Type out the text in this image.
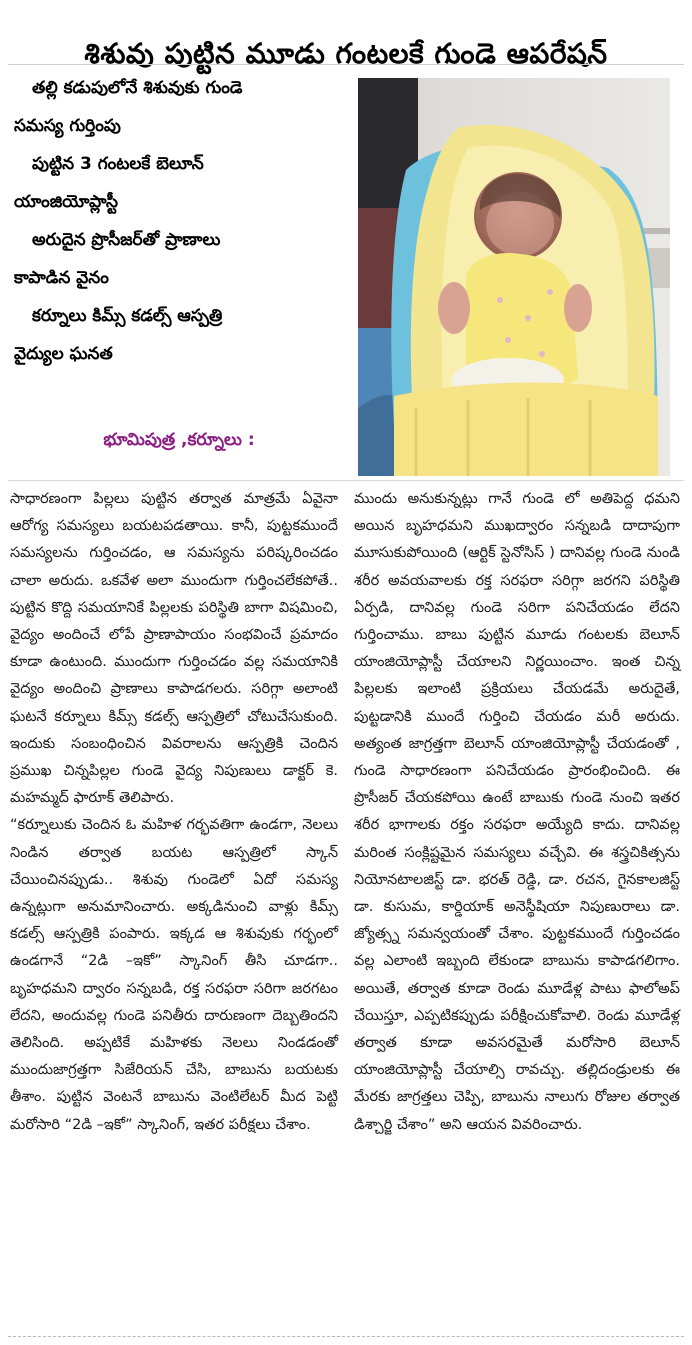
శిశువు పుట్టిన మూడు గంటలకే గుండె ఆపరేషన్
తల్లి కడుపులోనే శిశువుకు గుండె
సమస్య గుర్తింపు
పుట్టిన 3 గంటలకే బెలూన్
యాంజియోప్లాస్టీ
అరుదైన ప్రొసీజర్‌తో ప్రాణాలు
కాపాడిన వైనం
కర్నూలు కిమ్స్ కడల్స్ ఆస్పత్రి
వైద్యుల ఘనత
భూమిపుత్ర ,కర్నూలు :

సాధారణంగా పిల్లలు పుట్టిన తర్వాత మాత్రమే ఏవైనా ఆరోగ్య సమస్యలు బయటపడతాయి. కానీ, పుట్టకముందే సమస్యలను గుర్తించడం, ఆ సమస్యను పరిష్కరించడం చాలా అరుదు. ఒకవేళ అలా ముందుగా గుర్తించలేకపోతే.. పుట్టిన కొద్ది సమయానికే పిల్లలకు పరిస్థితి బాగా విషమించి, వైద్యం అందించే లోపే ప్రాణాపాయం సంభవించే ప్రమాదం కూడా ఉంటుంది. ముందుగా గుర్తించడం వల్ల సమయానికి వైద్యం అందించి ప్రాణాలు కాపాడగలరు. సరిగ్గా అలాంటి ఘటనే కర్నూలు కిమ్స్ కడల్స్ ఆస్పత్రిలో చోటుచేసుకుంది. ఇందుకు సంబంధించిన వివరాలను ఆస్పత్రికి చెందిన ప్రముఖ చిన్నపిల్లల గుండె వైద్య నిపుణులు డాక్టర్ కె. మహమ్మద్ ఫారూక్ తెలిపారు.

“కర్నూలుకు చెందిన ఓ మహిళ గర్భవతిగా ఉండగా, నెలలు నిండిన తర్వాత బయట ఆస్పత్రిలో స్కాన్ చేయించినప్పుడు.. శిశువు గుండెలో ఏదో సమస్య ఉన్నట్లుగా అనుమానించారు. అక్కడినుంచి వాళ్లు కిమ్స్ కడల్స్ ఆస్పత్రికి పంపారు. ఇక్కడ ఆ శిశువుకు గర్భంలో ఉండగానే “2డి –ఇకో” స్కానింగ్ తీసి చూడగా.. బృహధమని ద్వారం సన్నబడి, రక్త సరఫరా సరిగా జరగటం లేదని, అందువల్ల గుండె పనితీరు దారుణంగా దెబ్బతిందని తెలిసింది. అప్పటికే మహిళకు నెలలు నిండడంతో ముందుజాగ్రత్తగా సిజేరియన్ చేసి, బాబును బయటకు తీశాం. పుట్టిన వెంటనే బాబును వెంటిలేటర్ మీద పెట్టి మరోసారి “2డి –ఇకో” స్కానింగ్, ఇతర పరీక్షలు చేశాం.

ముందు అనుకున్నట్లు గానే గుండె లో అతిపెద్ద ధమని అయిన బృహధమని ముఖద్వారం సన్నబడి దాదాపుగా మూసుకుపోయింది (ఆర్టిక్ స్టెనోసిస్ ) దానివల్ల గుండె నుండి శరీర అవయవాలకు రక్త సరఫరా సరిగ్గా జరగని పరిస్థితి ఏర్పడి, దానివల్ల గుండె సరిగా పనిచేయడం లేదని గుర్తించాము. బాబు పుట్టిన మూడు గంటలకు బెలూన్ యాంజియోప్లాస్టీ చేయాలని నిర్ణయించాం. ఇంత చిన్న పిల్లలకు ఇలాంటి ప్రక్రియలు చేయడమే అరుదైతే, పుట్టడానికి ముందే గుర్తించి చేయడం మరీ అరుదు. అత్యంత జాగ్రత్తగా బెలూన్ యాంజియోప్లాస్టీ చేయడంతో , గుండె సాధారణంగా పనిచేయడం ప్రారంభించింది. ఈ ప్రొసీజర్ చేయకపోయి ఉంటే బాబుకు గుండె నుంచి ఇతర శరీర భాగాలకు రక్తం సరఫరా అయ్యేది కాదు. దానివల్ల మరింత సంక్లిష్టమైన సమస్యలు వచ్చేవి. ఈ శస్త్రచికిత్సను నియోనటాలజిస్ట్ డా. భరత్ రెడ్డి, డా. రచన, గైనకాలజిస్ట్ డా. కుసుమ, కార్డియాక్ అనెస్థీషియా నిపుణురాలు డా. జ్యోత్స్న సమన్వయంతో చేశాం. పుట్టకముందే గుర్తించడం వల్ల ఎలాంటి ఇబ్బంది లేకుండా బాబును కాపాడగలిగాం. అయితే, తర్వాత కూడా రెండు మూడేళ్ల పాటు ఫాలోఅప్ చేయిస్తూ, ఎప్పటికప్పుడు పరీక్షించుకోవాలి. రెండు మూడేళ్ల తర్వాత కూడా అవసరమైతే మరోసారి బెలూన్ యాంజియోప్లాస్టీ చేయాల్సి రావచ్చు. తల్లిదండ్రులకు ఈ మేరకు జాగ్రత్తలు చెప్పి, బాబును నాలుగు రోజుల తర్వాత డిశ్చార్జి చేశాం” అని ఆయన వివరించారు.
